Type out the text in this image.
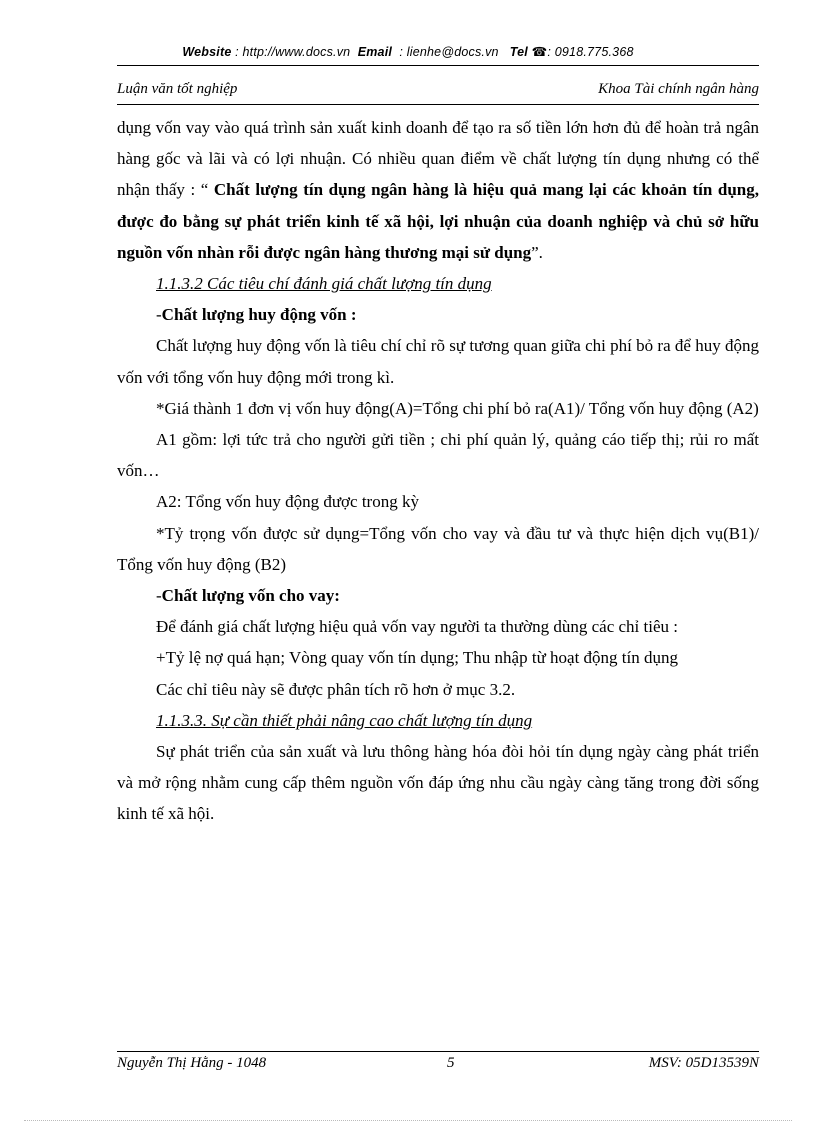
Website : http://www.docs.vn Email : lienhe@docs.vn Tel ☎: 0918.775.368
Luận văn tốt nghiệp	Khoa Tài chính ngân hàng

dụng vốn vay vào quá trình sản xuất kinh doanh để tạo ra số tiền lớn hơn đủ để hoàn trả ngân hàng gốc và lãi và có lợi nhuận. Có nhiều quan điểm về chất lượng tín dụng nhưng có thể nhận thấy : “ Chất lượng tín dụng ngân hàng là hiệu quả mang lại các khoản tín dụng, được đo bằng sự phát triển kinh tế xã hội, lợi nhuận của doanh nghiệp và chủ sở hữu nguồn vốn nhàn rỗi được ngân hàng thương mại sử dụng”.

1.1.3.2 Các tiêu chí đánh giá chất lượng tín dụng

-Chất lượng huy động vốn :

Chất lượng huy động vốn là tiêu chí chỉ rõ sự tương quan giữa chi phí bỏ ra để huy động vốn với tổng vốn huy động mới trong kì.

*Giá thành 1 đơn vị vốn huy động(A)=Tổng chi phí bỏ ra(A1)/ Tổng vốn huy động (A2)

A1 gồm: lợi tức trả cho người gửi tiền ; chi phí quản lý, quảng cáo tiếp thị; rủi ro mất vốn…

A2: Tổng vốn huy động được trong kỳ

*Tỷ trọng vốn được sử dụng=Tổng vốn cho vay và đầu tư và thực hiện dịch vụ(B1)/ Tổng vốn huy động (B2)

-Chất lượng vốn cho vay:

Để đánh giá chất lượng hiệu quả vốn vay người ta thường dùng các chỉ tiêu :

+Tỷ lệ nợ quá hạn; Vòng quay vốn tín dụng; Thu nhập từ hoạt động tín dụng

Các chỉ tiêu này sẽ được phân tích rõ hơn ở mục 3.2.

1.1.3.3. Sự cần thiết phải nâng cao chất lượng tín dụng

Sự phát triển của sản xuất và lưu thông hàng hóa đòi hỏi tín dụng ngày càng phát triển và mở rộng nhằm cung cấp thêm nguồn vốn đáp ứng nhu cầu ngày càng tăng trong đời sống kinh tế xã hội.

Nguyễn Thị Hằng - 1048	5	MSV: 05D13539N
